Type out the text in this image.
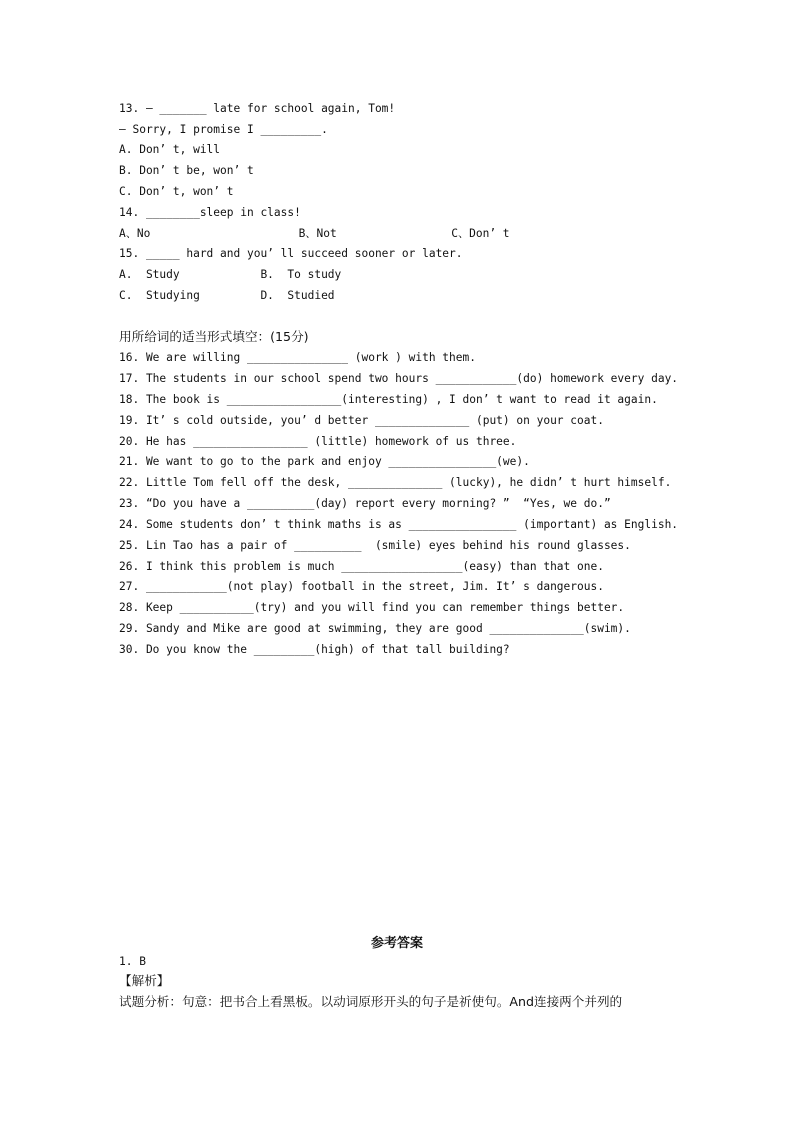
13. — _______ late for school again, Tom!
— Sorry, I promise I _________.
A. Don’ t, will
B. Don’ t be, won’ t
C. Don’ t, won’ t
14. ________sleep in class!
A、No                      B、Not                 C、Don’ t
15. _____ hard and you’ ll succeed sooner or later.
A.  Study            B.  To study
C.  Studying         D.  Studied
用所给词的适当形式填空：(15分)
16. We are willing _______________ (work ) with them.
17. The students in our school spend two hours ____________(do) homework every day.
18. The book is _________________(interesting) , I don’ t want to read it again.
19. It’ s cold outside, you’ d better ______________ (put) on your coat.
20. He has _________________ (little) homework of us three.
21. We want to go to the park and enjoy ________________(we).
22. Little Tom fell off the desk, ______________ (lucky), he didn’ t hurt himself.
23. “Do you have a __________(day) report every morning? ”  “Yes, we do.”
24. Some students don’ t think maths is as ________________ (important) as English.
25. Lin Tao has a pair of __________  (smile) eyes behind his round glasses.
26. I think this problem is much __________________(easy) than that one.
27. ____________(not play) football in the street, Jim. It’ s dangerous.
28. Keep ___________(try) and you will find you can remember things better.
29. Sandy and Mike are good at swimming, they are good ______________(swim).
30. Do you know the _________(high) of that tall building?
参考答案
1. B
【解析】
试题分析：句意：把书合上看黑板。以动词原形开头的句子是祈使句。And连接两个并列的
